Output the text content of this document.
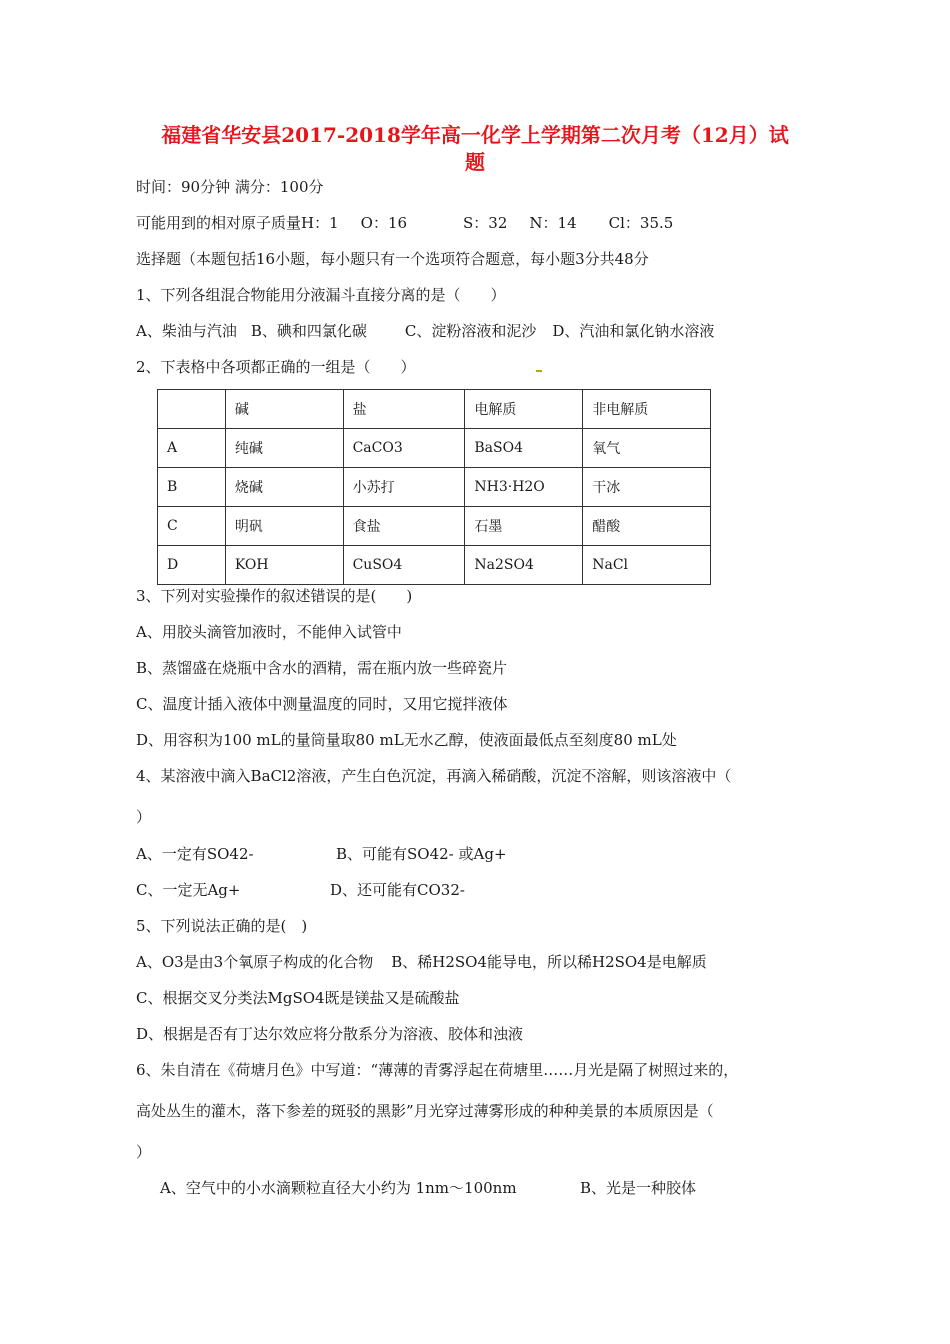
福建省华安县2017-2018学年高一化学上学期第二次月考（12月）试
题
时间：90分钟 满分：100分
可能用到的相对原子质量H：1 O：16	S：32 N：14 Cl：35.5
选择题（本题包括16小题，每小题只有一个选项符合题意，每小题3分共48分
1、下列各组混合物能用分液漏斗直接分离的是（　　）
A、柴油与汽油 B、碘和四氯化碳	C、淀粉溶液和泥沙 D、汽油和氯化钠水溶液
2、下表格中各项都正确的一组是（　　）
	碱	盐	电解质	非电解质
A	纯碱	CaCO3	BaSO4	氧气
B	烧碱	小苏打	NH3·H2O	干冰
C	明矾	食盐	石墨	醋酸
D	KOH	CuSO4	Na2SO4	NaCl
3、下列对实验操作的叙述错误的是(　　)
A、用胶头滴管加液时，不能伸入试管中
B、蒸馏盛在烧瓶中含水的酒精，需在瓶内放一些碎瓷片
C、温度计插入液体中测量温度的同时，又用它搅拌液体
D、用容积为100 mL的量筒量取80 mL无水乙醇，使液面最低点至刻度80 mL处
4、某溶液中滴入BaCl2溶液，产生白色沉淀，再滴入稀硝酸，沉淀不溶解，则该溶液中（
）
A、一定有SO42-	B、可能有SO42- 或Ag+
C、一定无Ag+	D、还可能有CO32-
5、下列说法正确的是(　)
A、O3是由3个氧原子构成的化合物 B、稀H2SO4能导电，所以稀H2SO4是电解质
C、根据交叉分类法MgSO4既是镁盐又是硫酸盐
D、根据是否有丁达尔效应将分散系分为溶液、胶体和浊液
6、朱自清在《荷塘月色》中写道：“薄薄的青雾浮起在荷塘里……月光是隔了树照过来的，
高处丛生的灌木，落下参差的斑驳的黑影”月光穿过薄雾形成的种种美景的本质原因是（
）
A、空气中的小水滴颗粒直径大小约为 1nm～100nm	B、光是一种胶体
